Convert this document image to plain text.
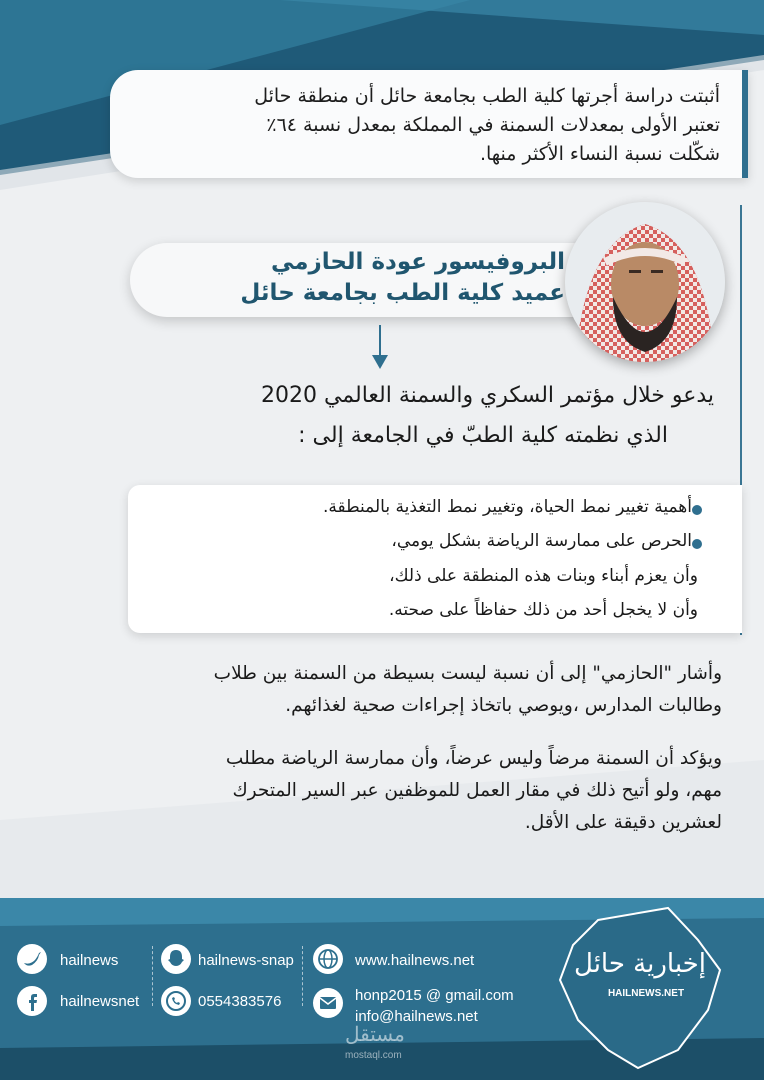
أثبتت دراسة أجرتها كلية الطب بجامعة حائل أن منطقة حائل
تعتبر الأولى بمعدلات السمنة في المملكة بمعدل نسبة ٦٤٪
شكّلت نسبة النساء الأكثر منها.
البروفيسور عودة الحازمي
عميد كلية الطب بجامعة حائل
يدعو خلال مؤتمر السكري والسمنة العالمي 2020
الذي نظمته كلية الطبّ في الجامعة إلى :
أهمية تغيير نمط الحياة، وتغيير نمط التغذية بالمنطقة.
الحرص على ممارسة الرياضة بشكل يومي،
وأن يعزم أبناء وبنات هذه المنطقة على ذلك،
وأن لا يخجل أحد من ذلك حفاظاً على صحته.
وأشار "الحازمي" إلى أن نسبة ليست بسيطة من السمنة بين طلاب
وطالبات المدارس ،ويوصي باتخاذ إجراءات صحية لغذائهم.
ويؤكد أن السمنة مرضاً وليس عرضاً، وأن ممارسة الرياضة مطلب
مهم، ولو أتيح ذلك في مقار العمل للموظفين عبر السير المتحرك
لعشرين دقيقة على الأقل.
hailnews
hailnewsnet
hailnews-snap
0554383576
www.hailnews.net
honp2015 @ gmail.com
info@hailnews.net
مستقل
mostaql.com
إخبارية حائل
HAILNEWS.NET
